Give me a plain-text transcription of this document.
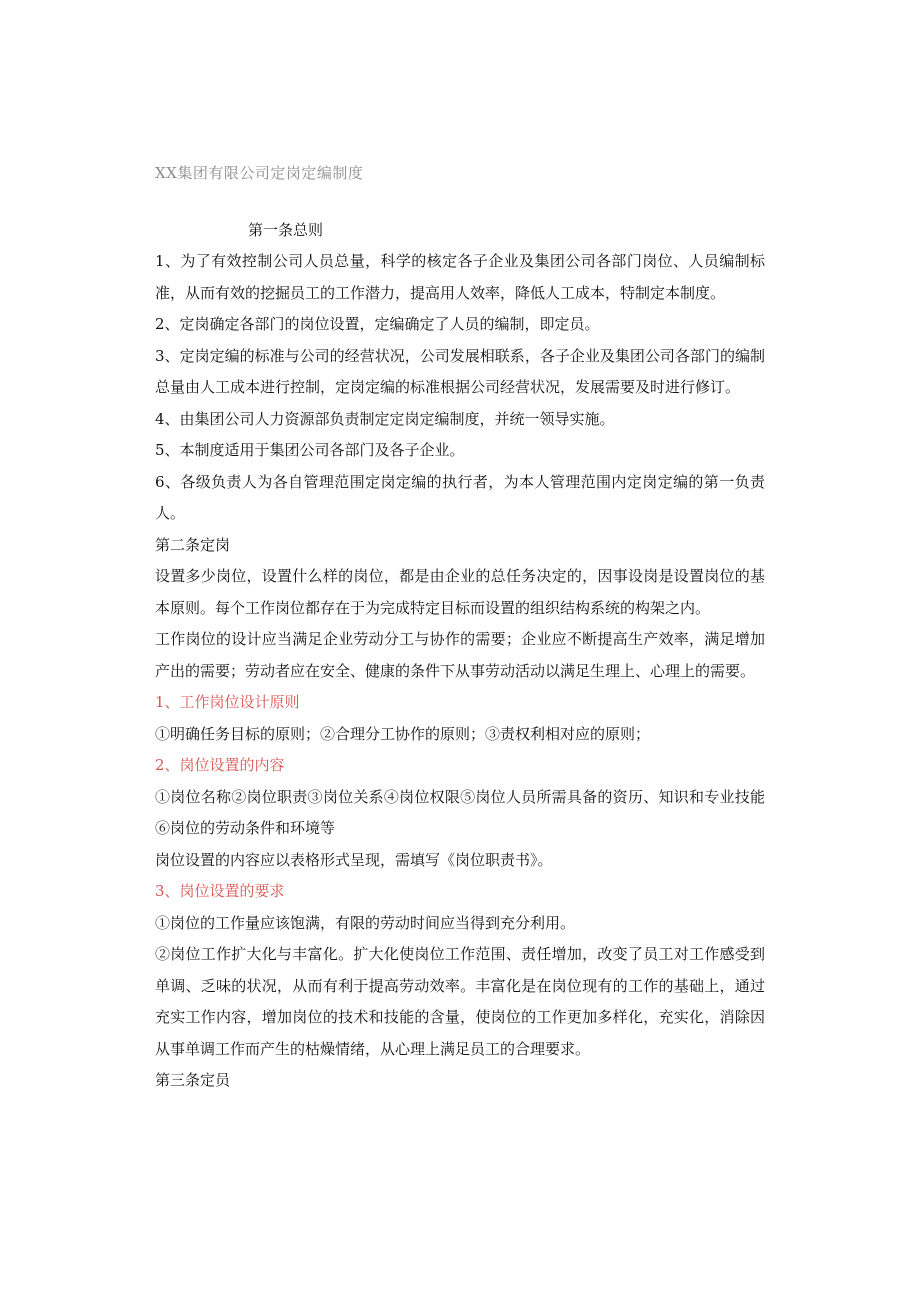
XX集团有限公司定岗定编制度
第一条总则

1、为了有效控制公司人员总量，科学的核定各子企业及集团公司各部门岗位、人员编制标准，从而有效的挖掘员工的工作潜力，提高用人效率，降低人工成本，特制定本制度。

2、定岗确定各部门的岗位设置，定编确定了人员的编制，即定员。

3、定岗定编的标准与公司的经营状况，公司发展相联系，各子企业及集团公司各部门的编制总量由人工成本进行控制，定岗定编的标准根据公司经营状况，发展需要及时进行修订。

4、由集团公司人力资源部负责制定定岗定编制度，并统一领导实施。

5、本制度适用于集团公司各部门及各子企业。

6、各级负责人为各自管理范围定岗定编的执行者，为本人管理范围内定岗定编的第一负责人。

第二条定岗

设置多少岗位，设置什么样的岗位，都是由企业的总任务决定的，因事设岗是设置岗位的基本原则。每个工作岗位都存在于为完成特定目标而设置的组织结构系统的构架之内。

工作岗位的设计应当满足企业劳动分工与协作的需要；企业应不断提高生产效率，满足增加产出的需要；劳动者应在安全、健康的条件下从事劳动活动以满足生理上、心理上的需要。

1、工作岗位设计原则

①明确任务目标的原则；②合理分工协作的原则；③责权利相对应的原则；

2、岗位设置的内容

①岗位名称②岗位职责③岗位关系④岗位权限⑤岗位人员所需具备的资历、知识和专业技能⑥岗位的劳动条件和环境等

岗位设置的内容应以表格形式呈现，需填写《岗位职责书》。

3、岗位设置的要求

①岗位的工作量应该饱满，有限的劳动时间应当得到充分利用。

②岗位工作扩大化与丰富化。扩大化使岗位工作范围、责任增加，改变了员工对工作感受到单调、乏味的状况，从而有利于提高劳动效率。丰富化是在岗位现有的工作的基础上，通过充实工作内容，增加岗位的技术和技能的含量，使岗位的工作更加多样化，充实化，消除因从事单调工作而产生的枯燥情绪，从心理上满足员工的合理要求。

第三条定员
